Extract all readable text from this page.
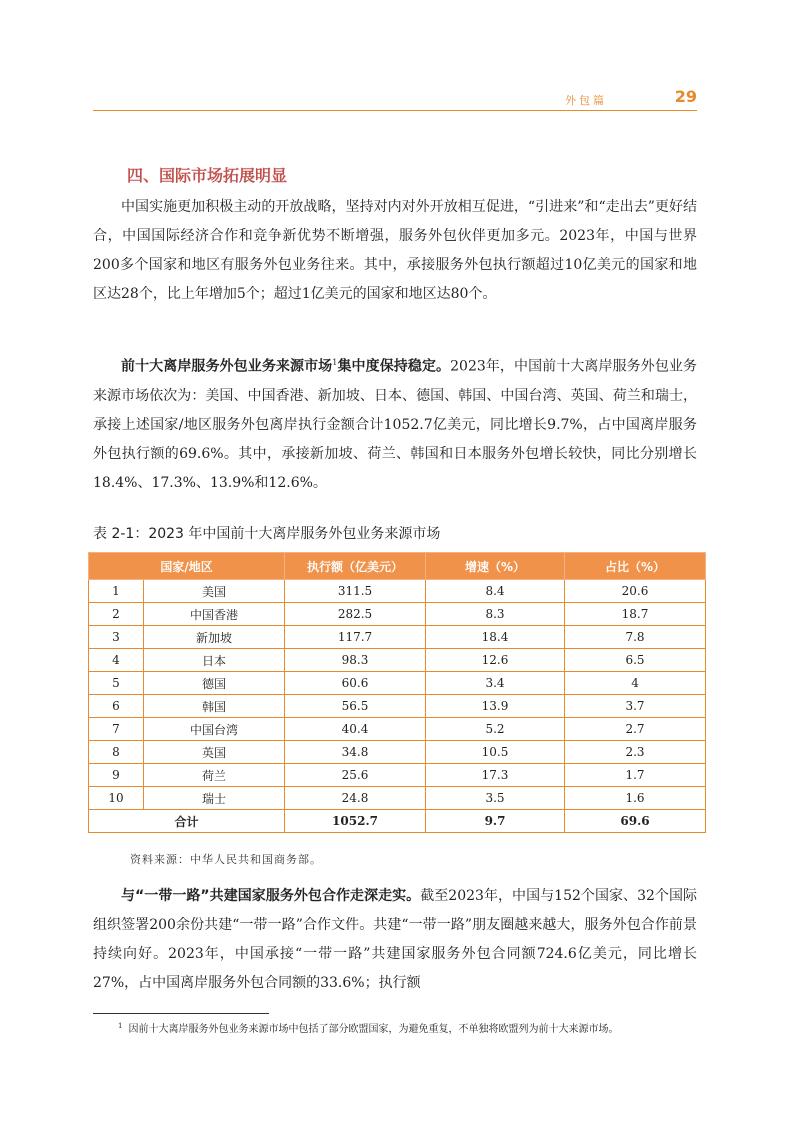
外包篇	29
四、国际市场拓展明显

中国实施更加积极主动的开放战略，坚持对内对外开放相互促进，“引进来”和“走出去”更好结合，中国国际经济合作和竞争新优势不断增强，服务外包伙伴更加多元。2023年，中国与世界200多个国家和地区有服务外包业务往来。其中，承接服务外包执行额超过10亿美元的国家和地区达28个，比上年增加5个；超过1亿美元的国家和地区达80个。

前十大离岸服务外包业务来源市场$^1$集中度保持稳定。2023年，中国前十大离岸服务外包业务来源市场依次为：美国、中国香港、新加坡、日本、德国、韩国、中国台湾、英国、荷兰和瑞士，承接上述国家/地区服务外包离岸执行金额合计1052.7亿美元，同比增长9.7%，占中国离岸服务外包执行额的69.6%。其中，承接新加坡、荷兰、韩国和日本服务外包增长较快，同比分别增长18.4%、17.3%、13.9%和12.6%。

表 2-1：2023 年中国前十大离岸服务外包业务来源市场
国家/地区		执行额（亿美元）	增速（%）	占比（%）
1	美国	311.5	8.4	20.6
2	中国香港	282.5	8.3	18.7
3	新加坡	117.7	18.4	7.8
4	日本	98.3	12.6	6.5
5	德国	60.6	3.4	4
6	韩国	56.5	13.9	3.7
7	中国台湾	40.4	5.2	2.7
8	英国	34.8	10.5	2.3
9	荷兰	25.6	17.3	1.7
10	瑞士	24.8	3.5	1.6
合计		1052.7	9.7	69.6
资料来源：中华人民共和国商务部。

与“一带一路”共建国家服务外包合作走深走实。截至2023年，中国与152个国家、32个国际组织签署200余份共建“一带一路”合作文件。共建“一带一路”朋友圈越来越大，服务外包合作前景持续向好。2023年，中国承接“一带一路”共建国家服务外包合同额724.6亿美元，同比增长27%，占中国离岸服务外包合同额的33.6%；执行额

$^1$ 因前十大离岸服务外包业务来源市场中包括了部分欧盟国家，为避免重复，不单独将欧盟列为前十大来源市场。
